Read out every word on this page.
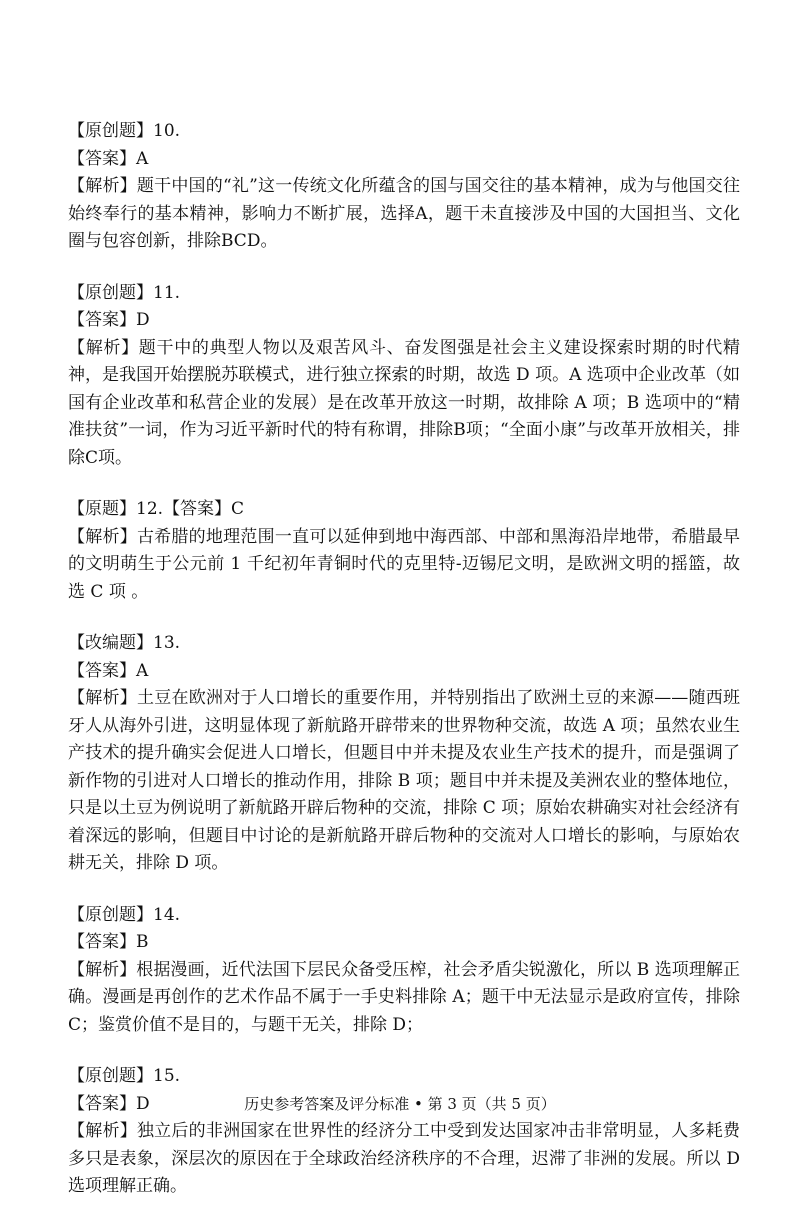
【原创题】10.
【答案】A
【解析】题干中国的“礼”这一传统文化所蕴含的国与国交往的基本精神，成为与他国交往始终奉行的基本精神，影响力不断扩展，选择A，题干未直接涉及中国的大国担当、文化圈与包容创新，排除BCD。
【原创题】11.
【答案】D
【解析】题干中的典型人物以及艰苦风斗、奋发图强是社会主义建设探索时期的时代精神，是我国开始摆脱苏联模式，进行独立探索的时期，故选 D 项。A 选项中企业改革（如国有企业改革和私营企业的发展）是在改革开放这一时期，故排除 A 项；B 选项中的“精准扶贫”一词，作为习近平新时代的特有称谓，排除B项；“全面小康”与改革开放相关，排除C项。
【原题】12.【答案】C
【解析】古希腊的地理范围一直可以延伸到地中海西部、中部和黑海沿岸地带，希腊最早的文明萌生于公元前 1 千纪初年青铜时代的克里特-迈锡尼文明，是欧洲文明的摇篮，故选 C 项 。
【改编题】13.
【答案】A
【解析】土豆在欧洲对于人口增长的重要作用，并特别指出了欧洲土豆的来源——随西班牙人从海外引进，这明显体现了新航路开辟带来的世界物种交流，故选 A 项；虽然农业生产技术的提升确实会促进人口增长，但题目中并未提及农业生产技术的提升，而是强调了新作物的引进对人口增长的推动作用，排除 B 项；题目中并未提及美洲农业的整体地位，只是以土豆为例说明了新航路开辟后物种的交流，排除 C 项；原始农耕确实对社会经济有着深远的影响，但题目中讨论的是新航路开辟后物种的交流对人口增长的影响，与原始农耕无关，排除 D 项。
【原创题】14.
【答案】B
【解析】根据漫画，近代法国下层民众备受压榨，社会矛盾尖锐激化，所以 B 选项理解正确。漫画是再创作的艺术作品不属于一手史料排除 A；题干中无法显示是政府宣传，排除 C；鉴赏价值不是目的，与题干无关，排除 D；
【原创题】15.
【答案】D
【解析】独立后的非洲国家在世界性的经济分工中受到发达国家冲击非常明显，人多耗费多只是表象，深层次的原因在于全球政治经济秩序的不合理，迟滞了非洲的发展。所以 D 选项理解正确。
历史参考答案及评分标准 • 第 3 页（共 5 页）
